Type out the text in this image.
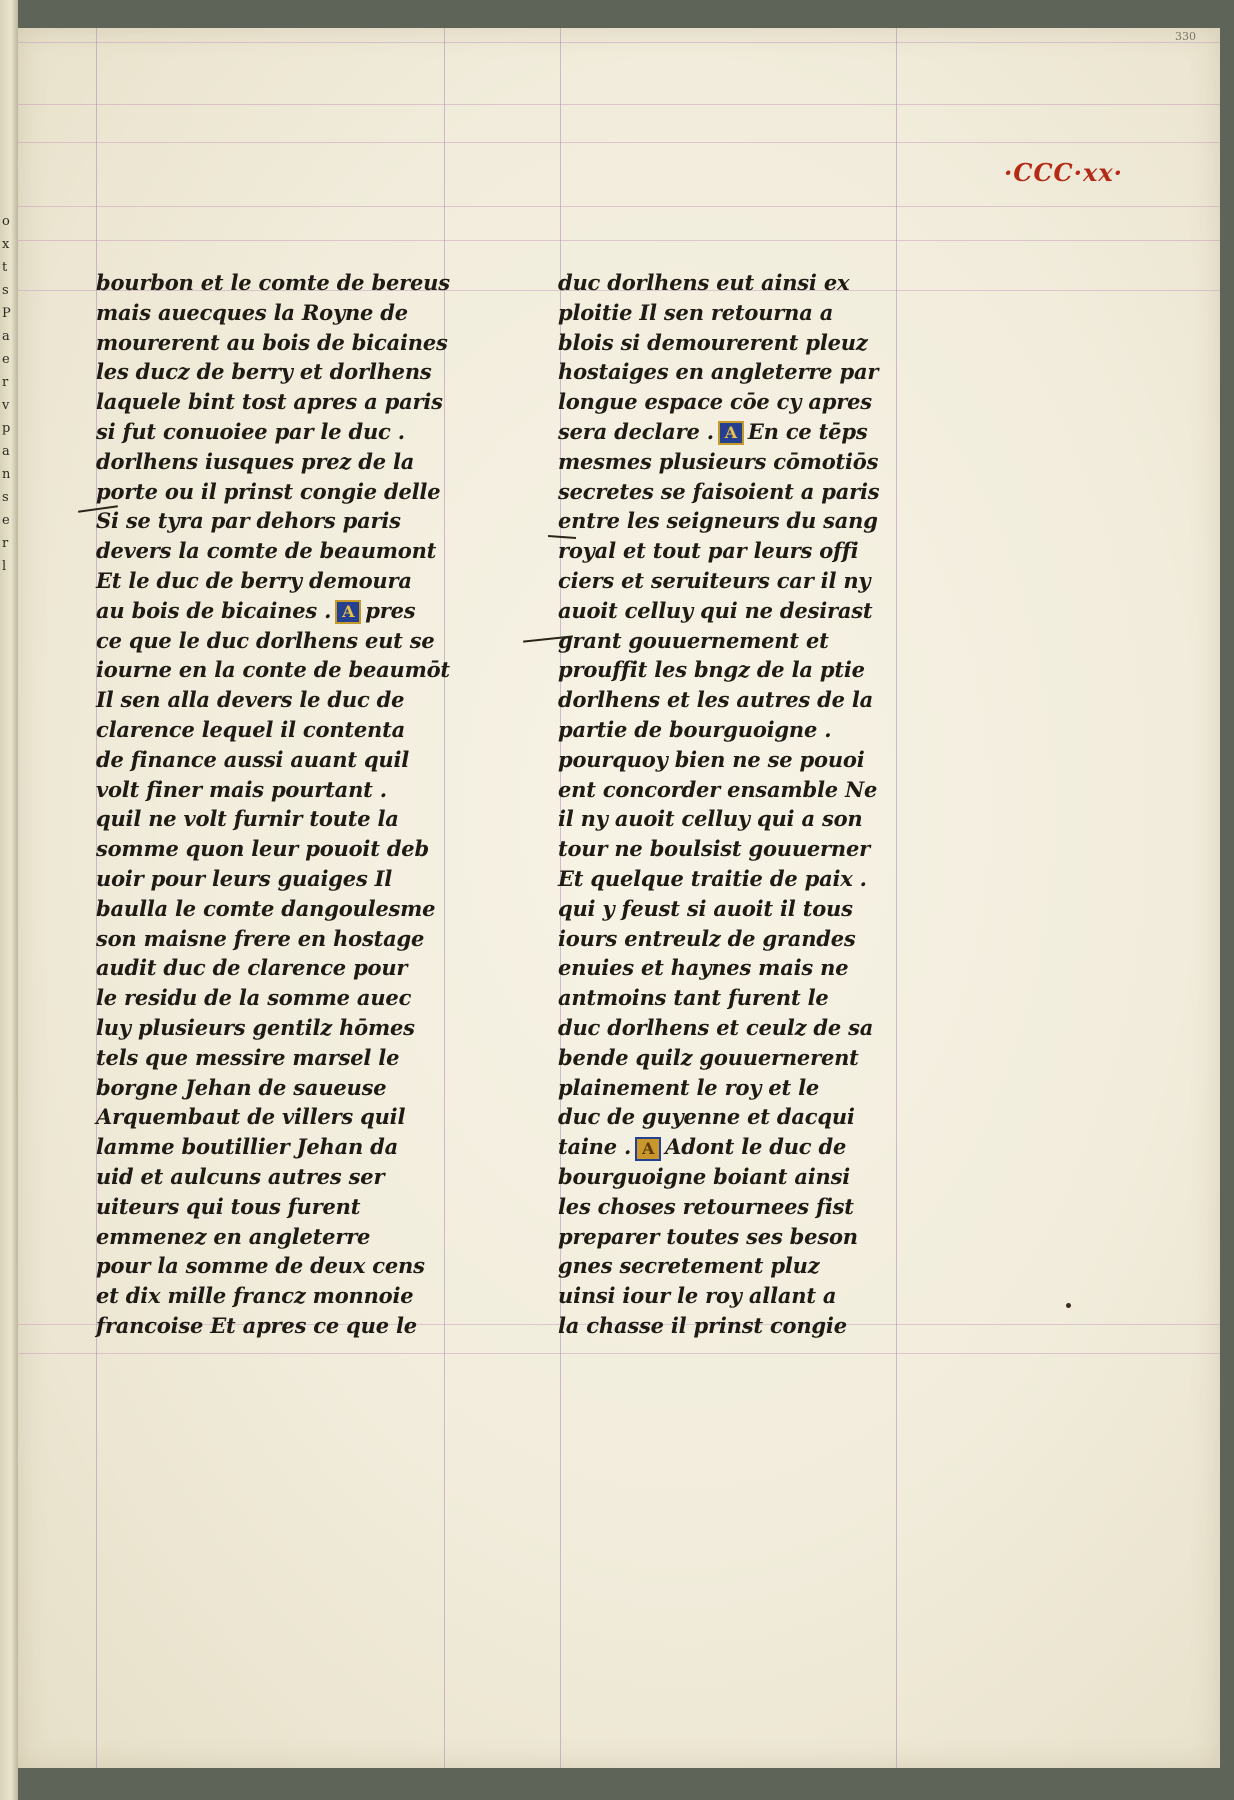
o
x
t
s
P
a
e
r
v
p
a
n
s
e
r
l
330
·CCC·xx·
bourbon et le comte de bereus
mais auecques la Royne de
mourerent au bois de bicaines
les ducz de berry et dorlhens
laquele bint tost apres a paris
si fut conuoiee par le duc .
dorlhens iusques prez de la
porte ou il prinst congie delle
Si se tyra par dehors paris
devers la comte de beaumont
Et le duc de berry demoura
au bois de bicaines . A pres
ce que le duc dorlhens eut se
iourne en la conte de beaumōt
Il sen alla devers le duc de
clarence lequel il contenta
de finance aussi auant quil
volt finer mais pourtant .
quil ne volt furnir toute la
somme quon leur pouoit deb
uoir pour leurs guaiges Il
baulla le comte dangoulesme
son maisne frere en hostage
audit duc de clarence pour
le residu de la somme auec
luy plusieurs gentilz hōmes
tels que messire marsel le
borgne Jehan de saueuse
Arquembaut de villers quil
lamme boutillier Jehan da
uid et aulcuns autres ser
uiteurs qui tous furent
emmenez en angleterre
pour la somme de deux cens
et dix mille francz monnoie
francoise Et apres ce que le
duc dorlhens eut ainsi ex
ploitie Il sen retourna a
blois si demourerent pleuz
hostaiges en angleterre par
longue espace cōe cy apres
sera declare . A En ce tēps
mesmes plusieurs cōmotiōs
secretes se faisoient a paris
entre les seigneurs du sang
royal et tout par leurs offi
ciers et seruiteurs car il ny
auoit celluy qui ne desirast
grant gouuernement et
prouffit les bngz de la ptie
dorlhens et les autres de la
partie de bourguoigne .
pourquoy bien ne se pouoi
ent concorder ensamble Ne
il ny auoit celluy qui a son
tour ne boulsist gouuerner
Et quelque traitie de paix .
qui y feust si auoit il tous
iours entreulz de grandes
enuies et haynes mais ne
antmoins tant furent le
duc dorlhens et ceulz de sa
bende quilz gouuernerent
plainement le roy et le
duc de guyenne et dacqui
taine . A Adont le duc de
bourguoigne boiant ainsi
les choses retournees fist
preparer toutes ses beson
gnes secretement pluz
uinsi iour le roy allant a
la chasse il prinst congie
